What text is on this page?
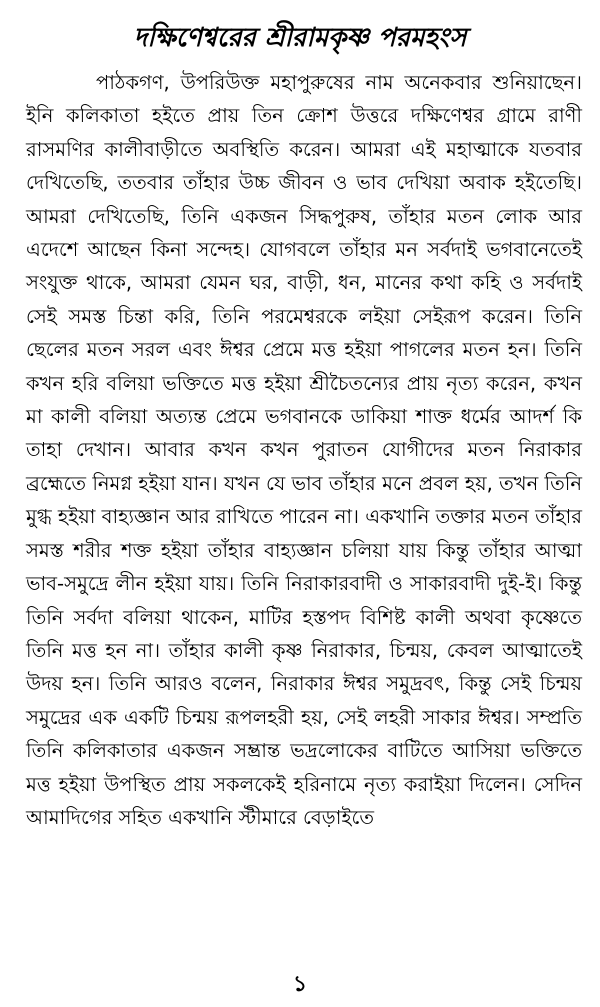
দক্ষিণেশ্বরের শ্রীরামকৃষ্ণ পরমহংস

পাঠকগণ, উপরিউক্ত মহাপুরুষের নাম অনেকবার শুনিয়াছেন। ইনি কলিকাতা হইতে প্রায় তিন ক্রোশ উত্তরে দক্ষিণেশ্বর গ্রামে রাণী রাসমণির কালীবাড়ীতে অবস্থিতি করেন। আমরা এই মহাত্মাকে যতবার দেখিতেছি, ততবার তাঁহার উচ্চ জীবন ও ভাব দেখিয়া অবাক হইতেছি। আমরা দেখিতেছি, তিনি একজন সিদ্ধপুরুষ, তাঁহার মতন লোক আর এদেশে আছেন কিনা সন্দেহ। যোগবলে তাঁহার মন সর্বদাই ভগবানেতেই সংযুক্ত থাকে, আমরা যেমন ঘর, বাড়ী, ধন, মানের কথা কহি ও সর্বদাই সেই সমস্ত চিন্তা করি, তিনি পরমেশ্বরকে লইয়া সেইরূপ করেন। তিনি ছেলের মতন সরল এবং ঈশ্বর প্রেমে মত্ত হইয়া পাগলের মতন হন। তিনি কখন হরি বলিয়া ভক্তিতে মত্ত হইয়া শ্রীচৈতন্যের প্রায় নৃত্য করেন, কখন মা কালী বলিয়া অত্যন্ত প্রেমে ভগবানকে ডাকিয়া শাক্ত ধর্মের আদর্শ কি তাহা দেখান। আবার কখন কখন পুরাতন যোগীদের মতন নিরাকার ব্রহ্মেতে নিমগ্ন হইয়া যান। যখন যে ভাব তাঁহার মনে প্রবল হয়, তখন তিনি মুগ্ধ হইয়া বাহ্যজ্ঞান আর রাখিতে পারেন না। একখানি তক্তার মতন তাঁহার সমস্ত শরীর শক্ত হইয়া তাঁহার বাহ্যজ্ঞান চলিয়া যায় কিন্তু তাঁহার আত্মা ভাব-সমুদ্রে লীন হইয়া যায়। তিনি নিরাকারবাদী ও সাকারবাদী দুই-ই। কিন্তু তিনি সর্বদা বলিয়া থাকেন, মাটির হস্তপদ বিশিষ্ট কালী অথবা কৃষ্ণেতে তিনি মত্ত হন না। তাঁহার কালী কৃষ্ণ নিরাকার, চিন্ময়, কেবল আত্মাতেই উদয় হন। তিনি আরও বলেন, নিরাকার ঈশ্বর সমুদ্রবৎ, কিন্তু সেই চিন্ময় সমুদ্রের এক একটি চিন্ময় রূপলহরী হয়, সেই লহরী সাকার ঈশ্বর। সম্প্রতি তিনি কলিকাতার একজন সম্ভ্রান্ত ভদ্রলোকের বাটিতে আসিয়া ভক্তিতে মত্ত হইয়া উপস্থিত প্রায় সকলকেই হরিনামে নৃত্য করাইয়া দিলেন। সেদিন আমাদিগের সহিত একখানি স্টীমারে বেড়াইতে

১
